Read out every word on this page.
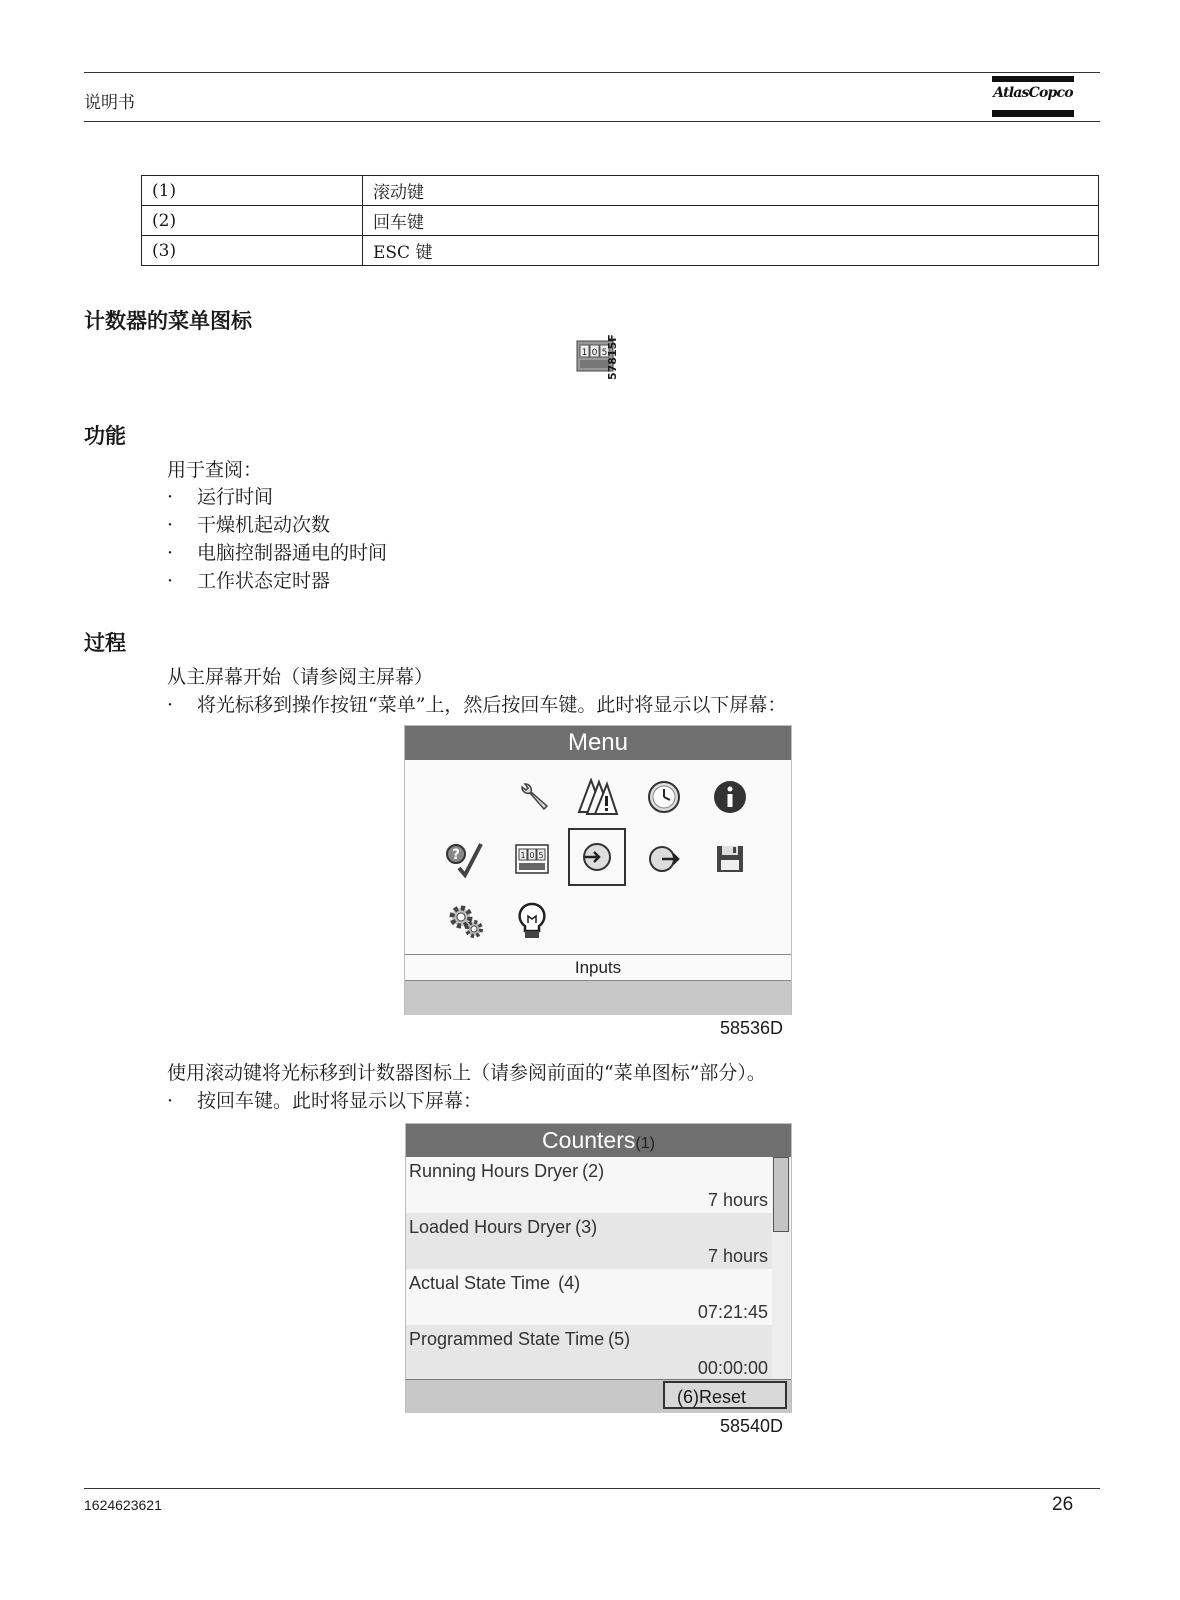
说明书	AtlasCopco
(1)	滚动键
(2)	回车键
(3)	ESC 键
计数器的菜单图标
1 0 5
57815F
功能
用于查阅：
· 运行时间
· 干燥机起动次数
· 电脑控制器通电的时间
· 工作状态定时器
过程
从主屏幕开始（请参阅主屏幕）
· 将光标移到操作按钮“菜单”上，然后按回车键。此时将显示以下屏幕：
Menu
?	1 0 5
Inputs
58536D
使用滚动键将光标移到计数器图标上（请参阅前面的“菜单图标”部分）。
· 按回车键。此时将显示以下屏幕：
Counters(1)
Running Hours Dryer (2)
7 hours
Loaded Hours Dryer (3)
7 hours
Actual State Time (4)
07:21:45
Programmed State Time (5)
00:00:00
(6)Reset
58540D
1624623621	26
